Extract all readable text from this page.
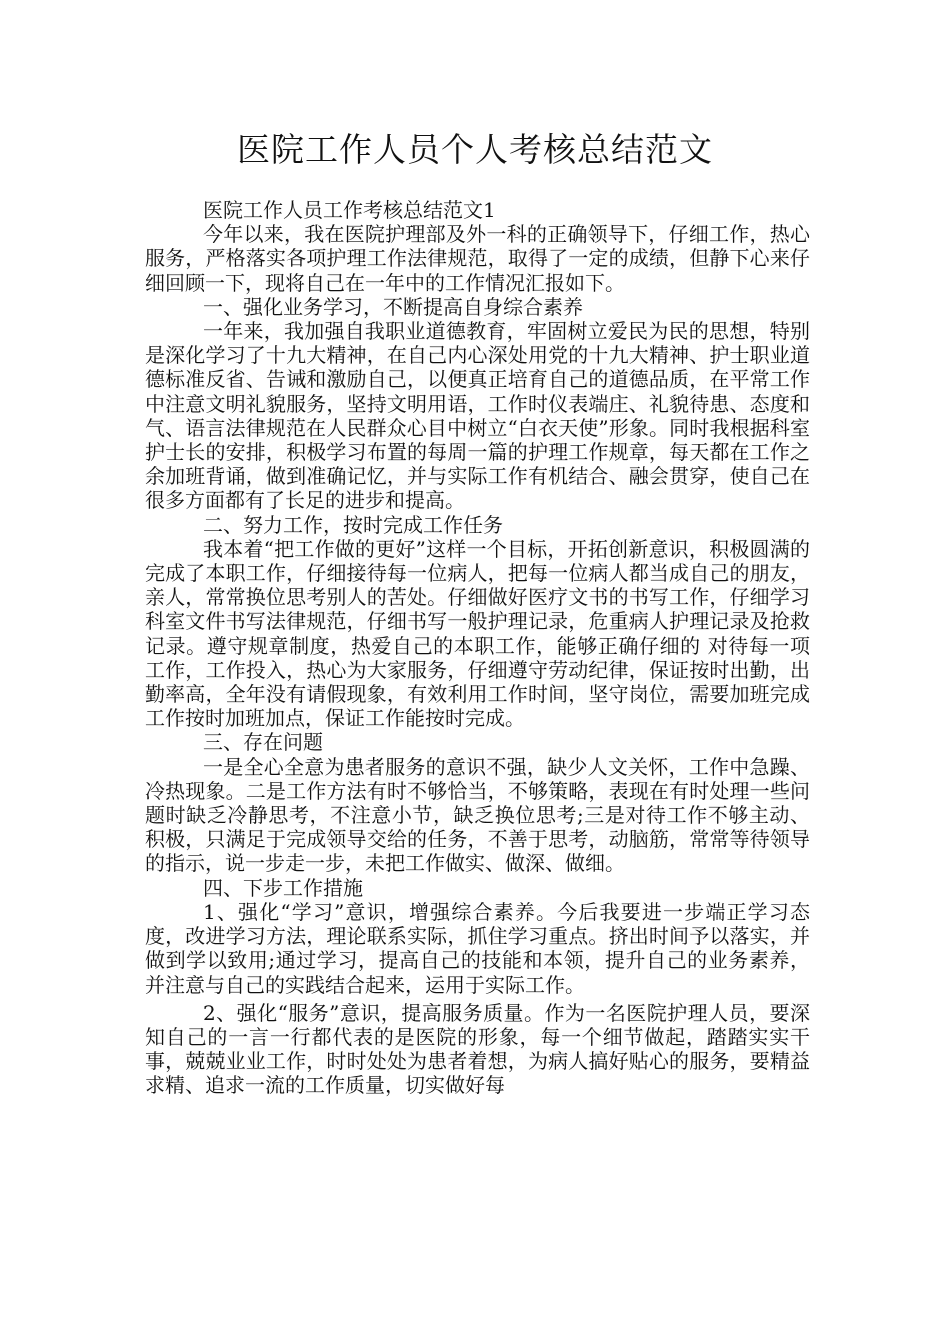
医院工作人员个人考核总结范文

医院工作人员工作考核总结范文1

今年以来，我在医院护理部及外一科的正确领导下，仔细工作，热心服务，严格落实各项护理工作法律规范，取得了一定的成绩，但静下心来仔细回顾一下，现将自己在一年中的工作情况汇报如下。

一、强化业务学习，不断提高自身综合素养

一年来，我加强自我职业道德教育，牢固树立爱民为民的思想，特别是深化学习了十九大精神，在自己内心深处用党的十九大精神、护士职业道德标准反省、告诫和激励自己，以便真正培育自己的道德品质，在平常工作中注意文明礼貌服务，坚持文明用语，工作时仪表端庄、礼貌待患、态度和气、语言法律规范在人民群众心目中树立“白衣天使”形象。同时我根据科室护士长的安排，积极学习布置的每周一篇的护理工作规章，每天都在工作之余加班背诵，做到准确记忆，并与实际工作有机结合、融会贯穿，使自己在很多方面都有了长足的进步和提高。

二、努力工作，按时完成工作任务

我本着“把工作做的更好”这样一个目标，开拓创新意识，积极圆满的完成了本职工作，仔细接待每一位病人，把每一位病人都当成自己的朋友，亲人，常常换位思考别人的苦处。仔细做好医疗文书的书写工作，仔细学习科室文件书写法律规范，仔细书写一般护理记录，危重病人护理记录及抢救记录。遵守规章制度，热爱自己的本职工作，能够正确仔细的 对待每一项工作，工作投入，热心为大家服务，仔细遵守劳动纪律，保证按时出勤，出勤率高，全年没有请假现象，有效利用工作时间，坚守岗位，需要加班完成工作按时加班加点，保证工作能按时完成。

三、存在问题

一是全心全意为患者服务的意识不强，缺少人文关怀，工作中急躁、冷热现象。二是工作方法有时不够恰当，不够策略，表现在有时处理一些问题时缺乏冷静思考，不注意小节，缺乏换位思考;三是对待工作不够主动、积极，只满足于完成领导交给的任务，不善于思考，动脑筋，常常等待领导的指示，说一步走一步，未把工作做实、做深、做细。

四、下步工作措施

1、强化“学习”意识，增强综合素养。今后我要进一步端正学习态度，改进学习方法，理论联系实际，抓住学习重点。挤出时间予以落实，并做到学以致用;通过学习，提高自己的技能和本领，提升自己的业务素养，并注意与自己的实践结合起来，运用于实际工作。

2、强化“服务”意识，提高服务质量。作为一名医院护理人员，要深知自己的一言一行都代表的是医院的形象，每一个细节做起，踏踏实实干事，兢兢业业工作，时时处处为患者着想，为病人搞好贴心的服务，要精益求精、追求一流的工作质量，切实做好每
